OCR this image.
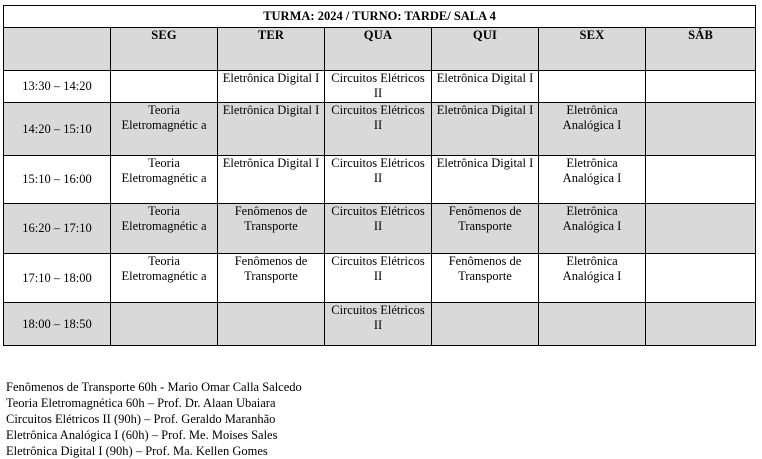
TURMA: 2024 / TURNO: TARDE/ SALA 4						
	SEG	TER	QUA	QUI	SEX	SÁB
13:30 – 14:20		Eletrônica Digital I	Circuitos Elétricos II	Eletrônica Digital I		

14:20 – 15:10	Teoria Eletromagnétic a	Eletrônica Digital I	Circuitos Elétricos II	Eletrônica Digital I	Eletrônica Analógica I	

15:10 – 16:00	Teoria Eletromagnétic a	Eletrônica Digital I	Circuitos Elétricos II	Eletrônica Digital I	Eletrônica Analógica I	

16:20 – 17:10	Teoria Eletromagnétic a	Fenômenos de Transporte	Circuitos Elétricos II	Fenômenos de Transporte	Eletrônica Analógica I	

17:10 – 18:00	Teoria Eletromagnétic a	Fenômenos de Transporte	Circuitos Elétricos II	Fenômenos de Transporte	Eletrônica Analógica I	

18:00 – 18:50			Circuitos Elétricos II			

Fenômenos de Transporte 60h - Mario Omar Calla Salcedo
Teoria Eletromagnética 60h – Prof. Dr. Alaan Ubaiara
Circuitos Elétricos II (90h) – Prof. Geraldo Maranhão
Eletrônica Analógica I (60h) – Prof. Me. Moises Sales
Eletrônica Digital I (90h) – Prof. Ma. Kellen Gomes
